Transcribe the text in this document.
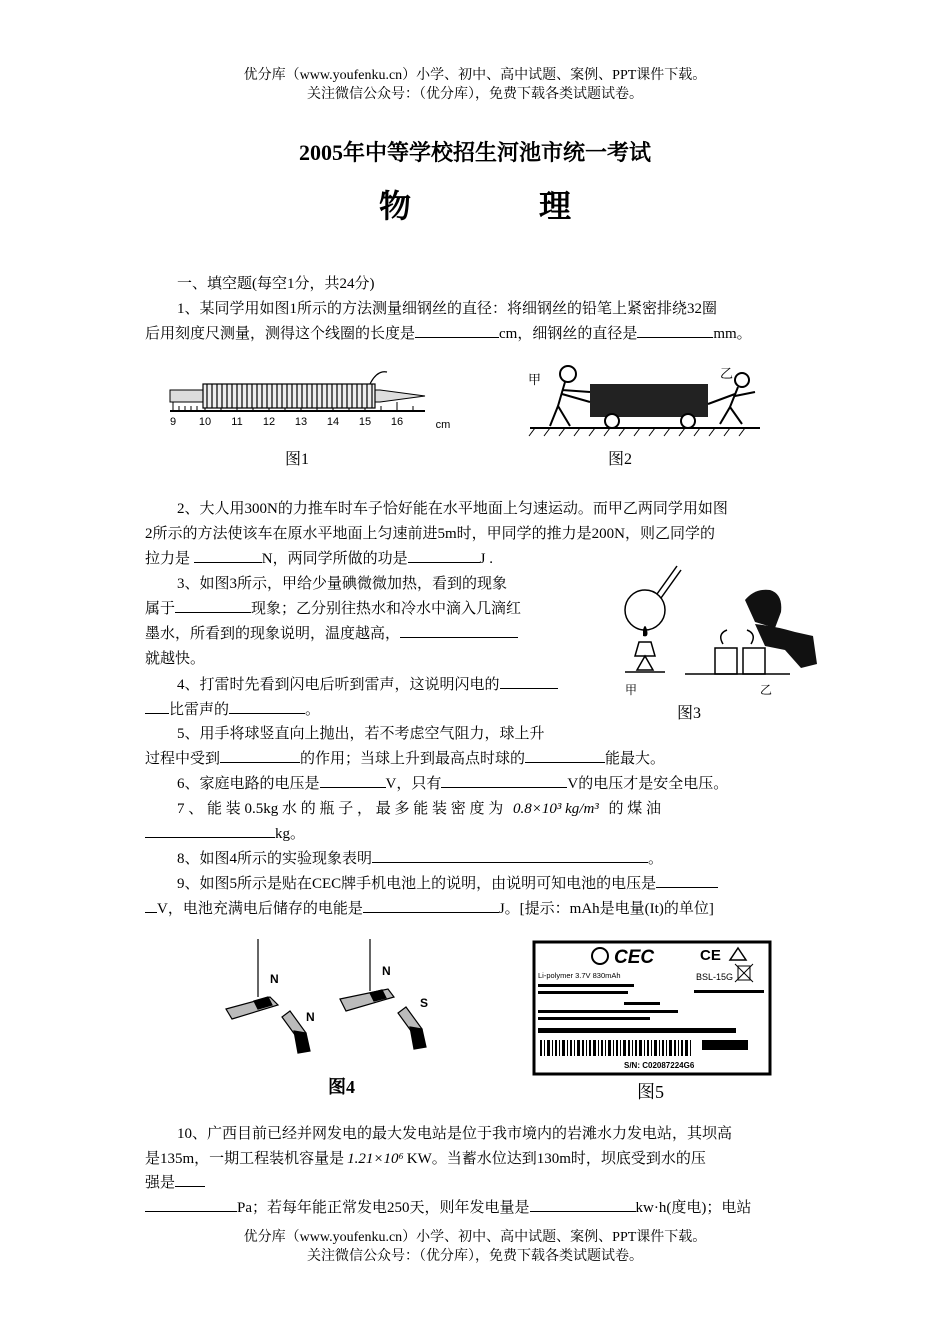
优分库（www.youfenku.cn）小学、初中、高中试题、案例、PPT课件下载。
关注微信公众号：（优分库），免费下载各类试题试卷。
2005年中等学校招生河池市统一考试
物 理
一、填空题(每空1分，共24分)
1、某同学用如图1所示的方法测量细钢丝的直径：将细钢丝的铅笔上紧密排绕32圈
后用刻度尺测量，测得这个线圈的长度是	cm，细钢丝的直径是	mm。
9 10 11 12 13 14 15 16	cm
图1
甲	乙
图2
2、大人用300N的力推车时车子恰好能在水平地面上匀速运动。而甲乙两同学用如图
2所示的方法使该车在原水平地面上匀速前进5m时，甲同学的推力是200N，则乙同学的
拉力是	N，两同学所做的功是	J .
3、如图3所示，甲给少量碘微微加热，看到的现象
属于	现象；乙分别往热水和冷水中滴入几滴红
墨水，所看到的现象说明，温度越高，
就越快。
甲	乙
图3
4、打雷时先看到闪电后听到雷声，这说明闪电的
比雷声的	。
5、用手将球竖直向上抛出，若不考虑空气阻力，球上升
过程中受到	的作用；当球上升到最高点时球的	能最大。
6、家庭电路的电压是	V，只有	V的电压才是安全电压。
7 、 能 装 0.5kg 水 的 瓶 子 ， 最 多 能 装 密 度 为 0.8×10³ kg/m³ 的 煤 油
kg。
8、如图4所示的实验现象表明	。
9、如图5所示是贴在CEC牌手机电池上的说明，由说明可知电池的电压是
V，电池充满电后储存的电能是	J。[提示：mAh是电量(It)的单位]
N
N
N
S
图4
CEC	CE
Li-polymer 3.7V 830mAh	BSL-15G
S/N: C02087224G6
图5
10、广西目前已经并网发电的最大发电站是位于我市境内的岩滩水力发电站，其坝高
是135m，一期工程装机容量是 1.21×10⁶ KW。当蓄水位达到130m时，坝底受到水的压
强是
Pa；若每年能正常发电250天，则年发电量是	kw·h(度电)；电站
优分库（www.youfenku.cn）小学、初中、高中试题、案例、PPT课件下载。
关注微信公众号：（优分库），免费下载各类试题试卷。
